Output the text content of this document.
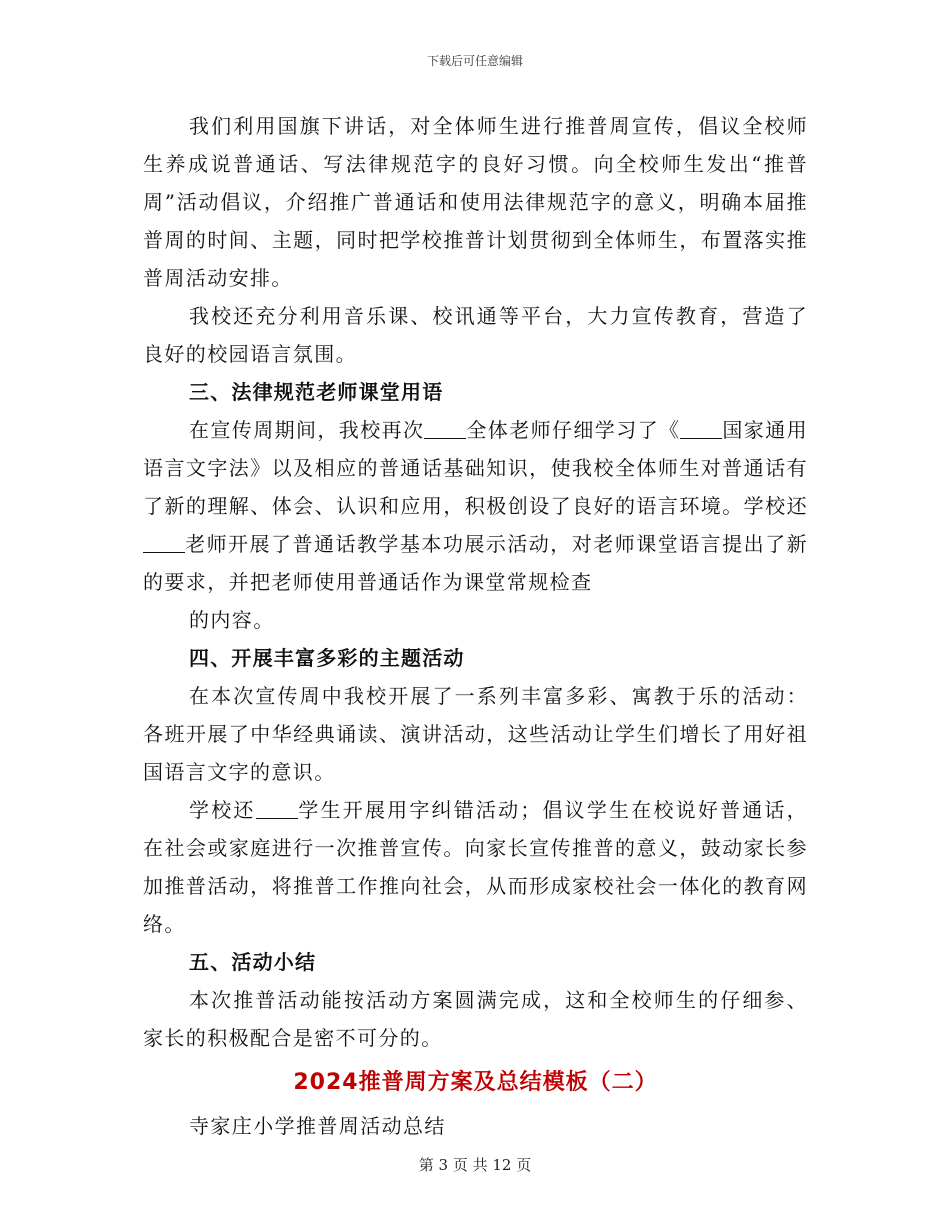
下载后可任意编辑

我们利用国旗下讲话，对全体师生进行推普周宣传，倡议全校师生养成说普通话、写法律规范字的良好习惯。向全校师生发出“推普周”活动倡议，介绍推广普通话和使用法律规范字的意义，明确本届推普周的时间、主题，同时把学校推普计划贯彻到全体师生，布置落实推普周活动安排。

我校还充分利用音乐课、校讯通等平台，大力宣传教育，营造了良好的校园语言氛围。

三、法律规范老师课堂用语

在宣传周期间，我校再次 全体老师仔细学习了《 国家通用语言文字法》以及相应的普通话基础知识，使我校全体师生对普通话有了新的理解、体会、认识和应用，积极创设了良好的语言环境。学校还老师开展了普通话教学基本功展示活动，对老师课堂语言提出了新的要求，并把老师使用普通话作为课堂常规检查

的内容。

四、开展丰富多彩的主题活动

在本次宣传周中我校开展了一系列丰富多彩、寓教于乐的活动：各班开展了中华经典诵读、演讲活动，这些活动让学生们增长了用好祖国语言文字的意识。

学校还 学生开展用字纠错活动；倡议学生在校说好普通话，在社会或家庭进行一次推普宣传。向家长宣传推普的意义，鼓动家长参加推普活动，将推普工作推向社会，从而形成家校社会一体化的教育网络。

五、活动小结

本次推普活动能按活动方案圆满完成，这和全校师生的仔细参、家长的积极配合是密不可分的。

2024推普周方案及总结模板（二）

寺家庄小学推普周活动总结

第 3 页 共 12 页
